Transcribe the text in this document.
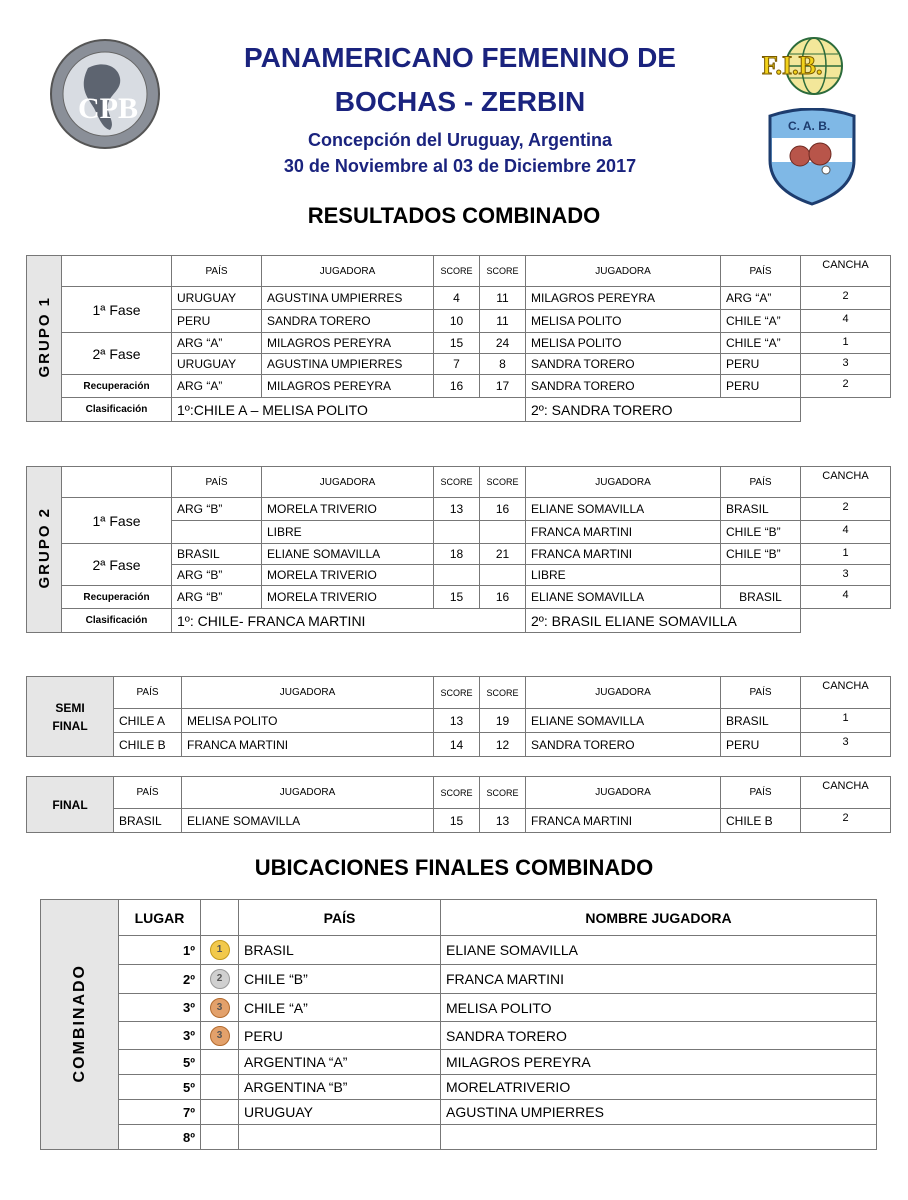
CPB
F.I.B.
C. A. B.
PANAMERICANO FEMENINO DE
BOCHAS - ZERBIN
Concepción del Uruguay, Argentina
30 de Noviembre al 03 de Diciembre 2017
RESULTADOS COMBINADO
GRUPO 1		PAÍS	JUGADORA	SCORE	SCORE	JUGADORA	PAÍS	CANCHA
	1ª Fase	URUGUAY	AGUSTINA UMPIERRES	4	11	MILAGROS PEREYRA	ARG “A”	2
		PERU	SANDRA TORERO	10	11	MELISA POLITO	CHILE “A”	4
	2ª Fase	ARG “A”	MILAGROS PEREYRA	15	24	MELISA POLITO	CHILE “A”	1
		URUGUAY	AGUSTINA UMPIERRES	7	8	SANDRA TORERO	PERU	3
	Recuperación	ARG “A”	MILAGROS PEREYRA	16	17	SANDRA TORERO	PERU	2
	Clasificación	1º:CHILE A – MELISA POLITO				2º: SANDRA TORERO		
GRUPO 2		PAÍS	JUGADORA	SCORE	SCORE	JUGADORA	PAÍS	CANCHA
	1ª Fase	ARG “B”	MORELA TRIVERIO	13	16	ELIANE SOMAVILLA	BRASIL	2
			LIBRE			FRANCA MARTINI	CHILE “B”	4
	2ª Fase	BRASIL	ELIANE SOMAVILLA	18	21	FRANCA MARTINI	CHILE “B”	1
		ARG “B”	MORELA TRIVERIO			LIBRE		3
	Recuperación	ARG “B”	MORELA TRIVERIO	15	16	ELIANE SOMAVILLA	BRASIL	4
	Clasificación	1º: CHILE- FRANCA MARTINI				2º: BRASIL ELIANE SOMAVILLA		
SEMI
FINAL	PAÍS	JUGADORA	SCORE	SCORE	JUGADORA	PAÍS	CANCHA
	CHILE A	MELISA POLITO	13	19	ELIANE SOMAVILLA	BRASIL	1
	CHILE B	FRANCA MARTINI	14	12	SANDRA TORERO	PERU	3
FINAL	PAÍS	JUGADORA	SCORE	SCORE	JUGADORA	PAÍS	CANCHA
	BRASIL	ELIANE SOMAVILLA	15	13	FRANCA MARTINI	CHILE B	2
UBICACIONES FINALES COMBINADO
COMBINADO	LUGAR		PAÍS	NOMBRE JUGADORA
	1º	1	BRASIL	ELIANE SOMAVILLA
	2º	2	CHILE “B”	FRANCA MARTINI
	3º	3	CHILE “A”	MELISA POLITO
	3º	3	PERU	SANDRA TORERO
	5º		ARGENTINA “A”	MILAGROS PEREYRA
	5º		ARGENTINA “B”	MORELATRIVERIO
	7º		URUGUAY	AGUSTINA UMPIERRES
	8º			
